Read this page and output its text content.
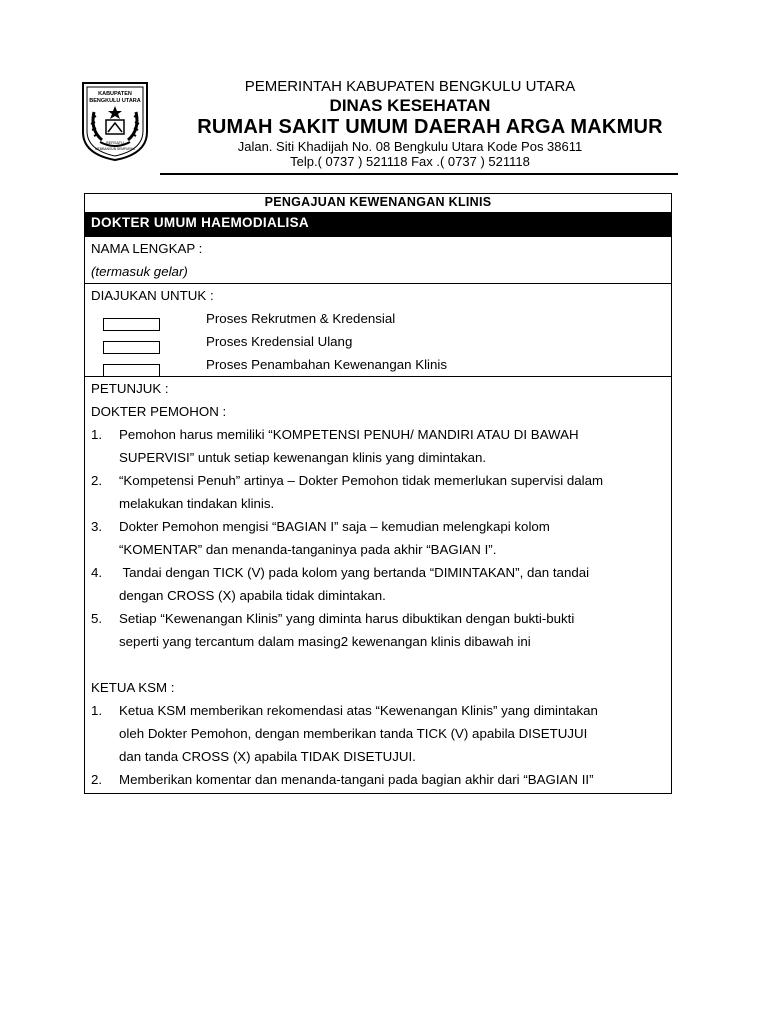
KABUPATEN
BENGKULU UTARA
BERSATU
MEMBANGUN SEMPURNA
PEMERINTAH KABUPATEN BENGKULU UTARA
DINAS KESEHATAN
RUMAH SAKIT UMUM DAERAH ARGA MAKMUR
Jalan. Siti Khadijah No. 08 Bengkulu Utara Kode Pos 38611
Telp.( 0737 ) 521118 Fax .( 0737 ) 521118
PENGAJUAN KEWENANGAN KLINIS
DOKTER UMUM HAEMODIALISA
NAMA LENGKAP :
(termasuk gelar)
DIAJUKAN UNTUK :
Proses Rekrutmen & Kredensial
Proses Kredensial Ulang
Proses Penambahan Kewenangan Klinis
PETUNJUK :
DOKTER PEMOHON :
1. Pemohon harus memiliki “KOMPETENSI PENUH/ MANDIRI ATAU DI BAWAH
SUPERVISI” untuk setiap kewenangan klinis yang dimintakan.
2. “Kompetensi Penuh” artinya – Dokter Pemohon tidak memerlukan supervisi dalam
melakukan tindakan klinis.
3. Dokter Pemohon mengisi “BAGIAN I” saja – kemudian melengkapi kolom
“KOMENTAR” dan menanda-tanganinya pada akhir “BAGIAN I”.
4. Tandai dengan TICK (V) pada kolom yang bertanda “DIMINTAKAN”, dan tandai
dengan CROSS (X) apabila tidak dimintakan.
5. Setiap “Kewenangan Klinis” yang diminta harus dibuktikan dengan bukti-bukti
seperti yang tercantum dalam masing2 kewenangan klinis dibawah ini
KETUA KSM :
1. Ketua KSM memberikan rekomendasi atas “Kewenangan Klinis” yang dimintakan
oleh Dokter Pemohon, dengan memberikan tanda TICK (V) apabila DISETUJUI
dan tanda CROSS (X) apabila TIDAK DISETUJUI.
2. Memberikan komentar dan menanda-tangani pada bagian akhir dari “BAGIAN II”
